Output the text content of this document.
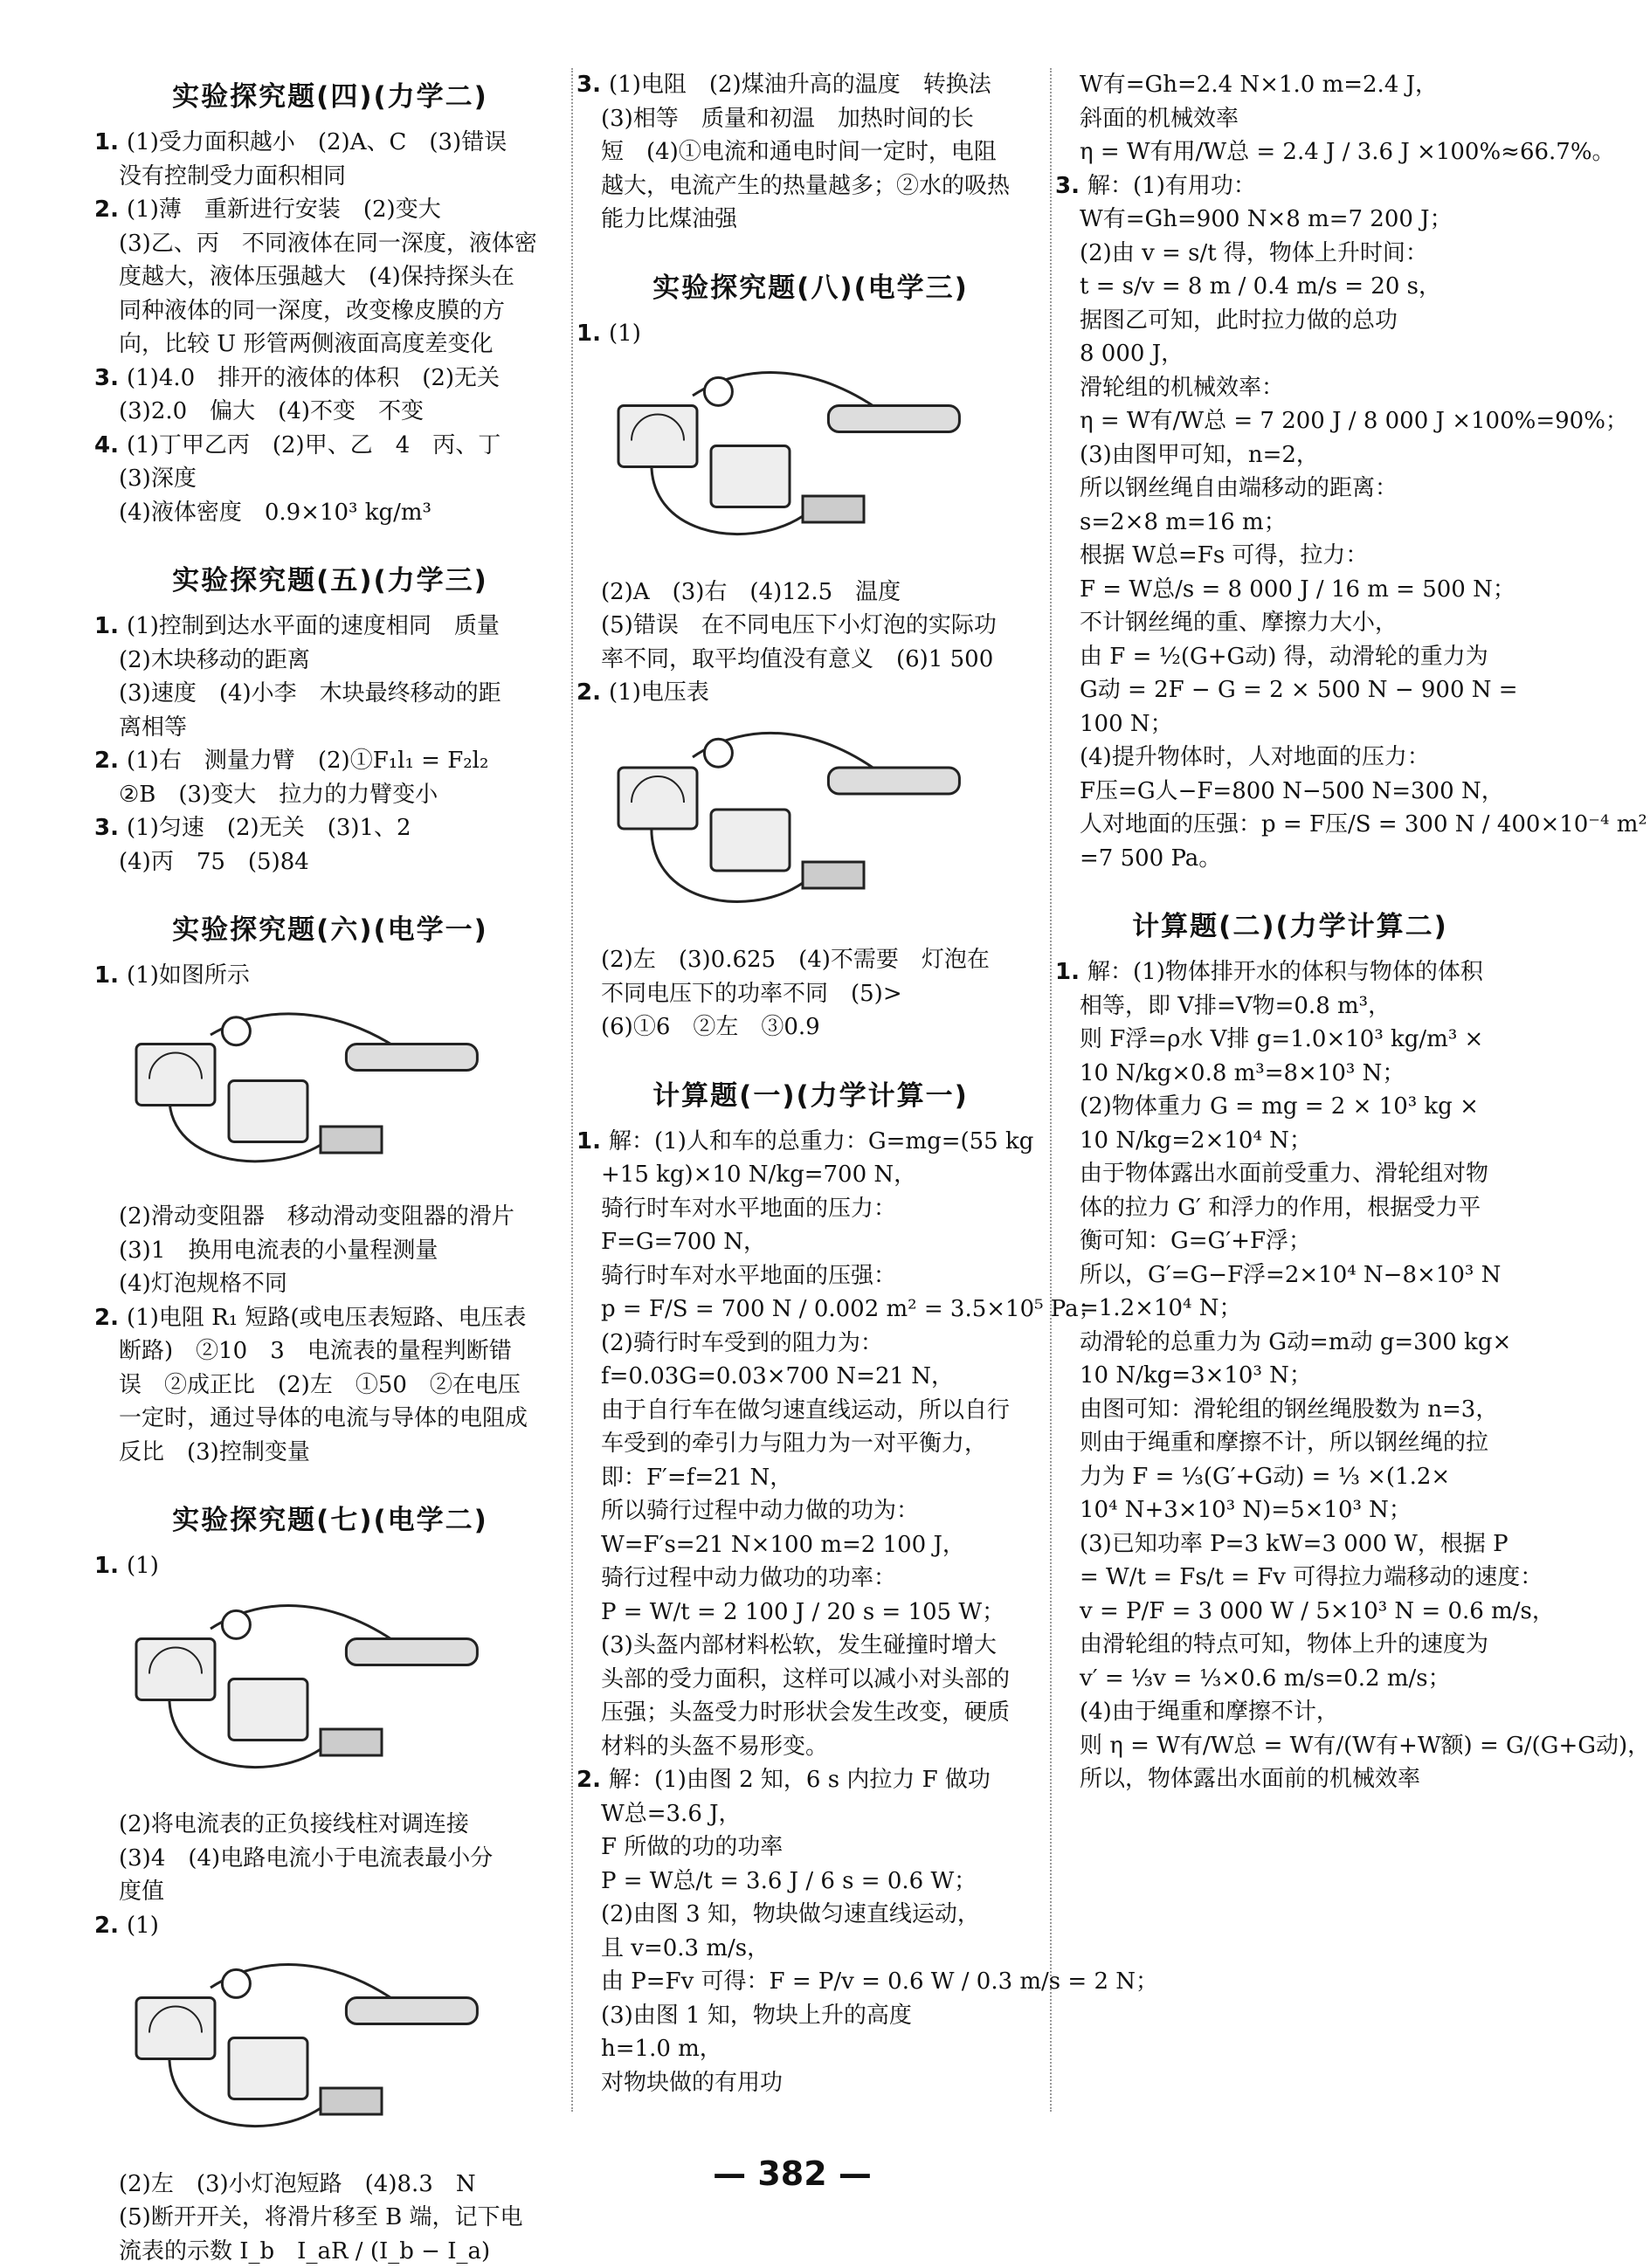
实验探究题(四)(力学二)
1. (1)受力面积越小　(2)A、C　(3)错误
没有控制受力面积相同
2. (1)薄　重新进行安装　(2)变大
(3)乙、丙　不同液体在同一深度，液体密
度越大，液体压强越大　(4)保持探头在
同种液体的同一深度，改变橡皮膜的方
向，比较 U 形管两侧液面高度差变化
3. (1)4.0　排开的液体的体积　(2)无关
(3)2.0　偏大　(4)不变　不变
4. (1)丁甲乙丙　(2)甲、乙　4　丙、丁
(3)深度
(4)液体密度　0.9×10³ kg/m³
实验探究题(五)(力学三)
1. (1)控制到达水平面的速度相同　质量
(2)木块移动的距离
(3)速度　(4)小李　木块最终移动的距
离相等
2. (1)右　测量力臂　(2)①F₁l₁ = F₂l₂
②B　(3)变大　拉力的力臂变小
3. (1)匀速　(2)无关　(3)1、2
(4)丙　75　(5)84
实验探究题(六)(电学一)
1. (1)如图所示
(2)滑动变阻器　移动滑动变阻器的滑片
(3)1　换用电流表的小量程测量
(4)灯泡规格不同
2. (1)电阻 R₁ 短路(或电压表短路、电压表
断路)　②10　3　电流表的量程判断错
误　②成正比　(2)左　①50　②在电压
一定时，通过导体的电流与导体的电阻成
反比　(3)控制变量
实验探究题(七)(电学二)
1. (1)
(2)将电流表的正负接线柱对调连接
(3)4　(4)电路电流小于电流表最小分
度值
2. (1)
(2)左　(3)小灯泡短路　(4)8.3　N
(5)断开开关，将滑片移至 B 端，记下电
流表的示数 I_b　I_aR / (I_b − I_a)
3. (1)电阻　(2)煤油升高的温度　转换法
(3)相等　质量和初温　加热时间的长
短　(4)①电流和通电时间一定时，电阻
越大，电流产生的热量越多；②水的吸热
能力比煤油强
实验探究题(八)(电学三)
1. (1)
(2)A　(3)右　(4)12.5　温度
(5)错误　在不同电压下小灯泡的实际功
率不同，取平均值没有意义　(6)1 500
2. (1)电压表
(2)左　(3)0.625　(4)不需要　灯泡在
不同电压下的功率不同　(5)>
(6)①6　②左　③0.9
计算题(一)(力学计算一)
1. 解：(1)人和车的总重力：G=mg=(55 kg
+15 kg)×10 N/kg=700 N，
骑行时车对水平地面的压力：
F=G=700 N，
骑行时车对水平地面的压强：
p = F/S = 700 N / 0.002 m² = 3.5×10⁵ Pa；
(2)骑行时车受到的阻力为：
f=0.03G=0.03×700 N=21 N，
由于自行车在做匀速直线运动，所以自行
车受到的牵引力与阻力为一对平衡力，
即：F′=f=21 N，
所以骑行过程中动力做的功为：
W=F′s=21 N×100 m=2 100 J，
骑行过程中动力做功的功率：
P = W/t = 2 100 J / 20 s = 105 W；
(3)头盔内部材料松软，发生碰撞时增大
头部的受力面积，这样可以减小对头部的
压强；头盔受力时形状会发生改变，硬质
材料的头盔不易形变。
2. 解：(1)由图 2 知，6 s 内拉力 F 做功
W总=3.6 J，
F 所做的功的功率
P = W总/t = 3.6 J / 6 s = 0.6 W；
(2)由图 3 知，物块做匀速直线运动，
且 v=0.3 m/s，
由 P=Fv 可得：F = P/v = 0.6 W / 0.3 m/s = 2 N；
(3)由图 1 知，物块上升的高度
h=1.0 m，
对物块做的有用功
W有=Gh=2.4 N×1.0 m=2.4 J，
斜面的机械效率
η = W有用/W总 = 2.4 J / 3.6 J ×100%≈66.7%。
3. 解：(1)有用功：
W有=Gh=900 N×8 m=7 200 J；
(2)由 v = s/t 得，物体上升时间：
t = s/v = 8 m / 0.4 m/s = 20 s，
据图乙可知，此时拉力做的总功
8 000 J，
滑轮组的机械效率：
η = W有/W总 = 7 200 J / 8 000 J ×100%=90%；
(3)由图甲可知，n=2，
所以钢丝绳自由端移动的距离：
s=2×8 m=16 m；
根据 W总=Fs 可得，拉力：
F = W总/s = 8 000 J / 16 m = 500 N；
不计钢丝绳的重、摩擦力大小，
由 F = ½(G+G动) 得，动滑轮的重力为
G动 = 2F − G = 2 × 500 N − 900 N =
100 N；
(4)提升物体时，人对地面的压力：
F压=G人−F=800 N−500 N=300 N，
人对地面的压强：p = F压/S = 300 N / 400×10⁻⁴ m²
=7 500 Pa。
计算题(二)(力学计算二)
1. 解：(1)物体排开水的体积与物体的体积
相等，即 V排=V物=0.8 m³，
则 F浮=ρ水 V排 g=1.0×10³ kg/m³ ×
10 N/kg×0.8 m³=8×10³ N；
(2)物体重力 G = mg = 2 × 10³ kg ×
10 N/kg=2×10⁴ N；
由于物体露出水面前受重力、滑轮组对物
体的拉力 G′ 和浮力的作用，根据受力平
衡可知：G=G′+F浮；
所以，G′=G−F浮=2×10⁴ N−8×10³ N
=1.2×10⁴ N；
动滑轮的总重力为 G动=m动 g=300 kg×
10 N/kg=3×10³ N；
由图可知：滑轮组的钢丝绳股数为 n=3，
则由于绳重和摩擦不计，所以钢丝绳的拉
力为 F = ⅓(G′+G动) = ⅓ ×(1.2×
10⁴ N+3×10³ N)=5×10³ N；
(3)已知功率 P=3 kW=3 000 W，根据 P
= W/t = Fs/t = Fv 可得拉力端移动的速度：
v = P/F = 3 000 W / 5×10³ N = 0.6 m/s，
由滑轮组的特点可知，物体上升的速度为
v′ = ⅓v = ⅓×0.6 m/s=0.2 m/s；
(4)由于绳重和摩擦不计，
则 η = W有/W总 = W有/(W有+W额) = G/(G+G动)，
所以，物体露出水面前的机械效率
— 382 —
